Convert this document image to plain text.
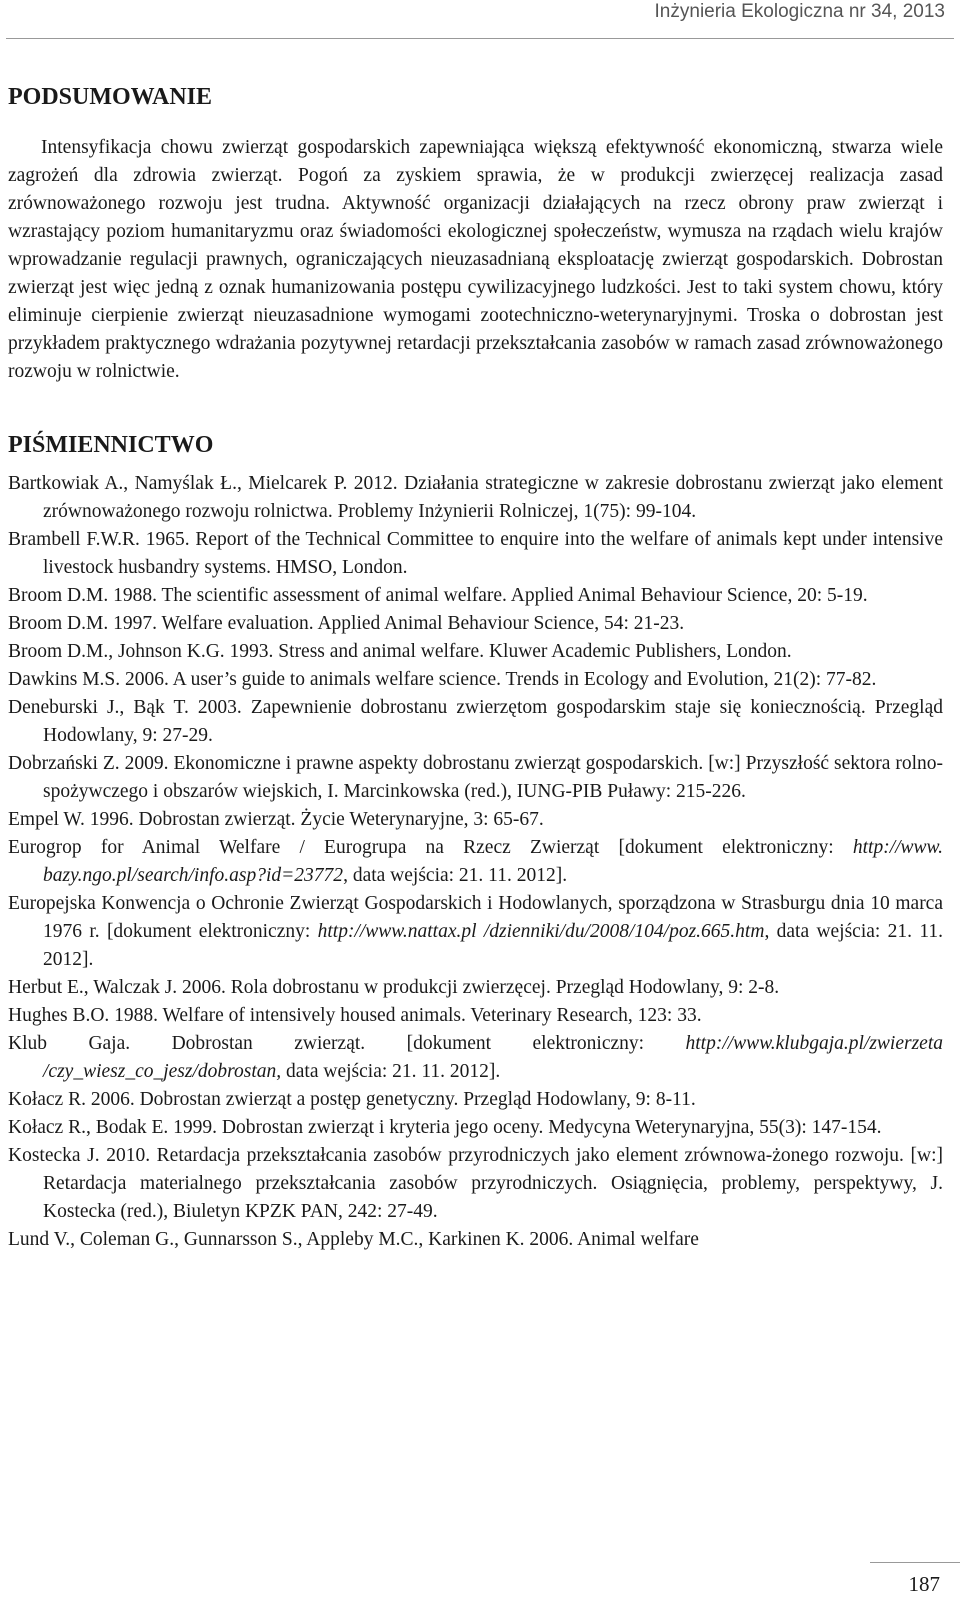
Inżynieria Ekologiczna nr 34, 2013
PODSUMOWANIE

Intensyfikacja chowu zwierząt gospodarskich zapewniająca większą efektywność ekonomiczną, stwarza wiele zagrożeń dla zdrowia zwierząt. Pogoń za zyskiem sprawia, że w produkcji zwierzęcej realizacja zasad zrównoważonego rozwoju jest trudna. Aktywność organizacji działających na rzecz obrony praw zwierząt i wzrastający poziom humanitaryzmu oraz świadomości ekologicznej społeczeństw, wymusza na rządach wielu krajów wprowadzanie regulacji prawnych, ograniczających nieuzasadnianą eksploatację zwierząt gospodarskich. Dobrostan zwierząt jest więc jedną z oznak humanizowania postępu cywilizacyjnego ludzkości. Jest to taki system chowu, który eliminuje cierpienie zwierząt nieuzasadnione wymogami zootechniczno-weterynaryjnymi. Troska o dobrostan jest przykładem praktycznego wdrażania pozytywnej retardacji przekształcania zasobów w ramach zasad zrównoważonego rozwoju w rolnictwie.

PIŚMIENNICTWO
Bartkowiak A., Namyślak Ł., Mielcarek P. 2012. Działania strategiczne w zakresie dobrostanu zwierząt jako element zrównoważonego rozwoju rolnictwa. Problemy Inżynierii Rolniczej, 1(75): 99-104.
Brambell F.W.R. 1965. Report of the Technical Committee to enquire into the welfare of animals kept under intensive livestock husbandry systems. HMSO, London.
Broom D.M. 1988. The scientific assessment of animal welfare. Applied Animal Behaviour Science, 20: 5-19.
Broom D.M. 1997. Welfare evaluation. Applied Animal Behaviour Science, 54: 21-23.
Broom D.M., Johnson K.G. 1993. Stress and animal welfare. Kluwer Academic Publishers, London.
Dawkins M.S. 2006. A user’s guide to animals welfare science. Trends in Ecology and Evolution, 21(2): 77-82.
Deneburski J., Bąk T. 2003. Zapewnienie dobrostanu zwierzętom gospodarskim staje się koniecznością. Przegląd Hodowlany, 9: 27-29.
Dobrzański Z. 2009. Ekonomiczne i prawne aspekty dobrostanu zwierząt gospodarskich. [w:] Przyszłość sektora rolno-spożywczego i obszarów wiejskich, I. Marcinkowska (red.), IUNG-PIB Puławy: 215-226.
Empel W. 1996. Dobrostan zwierząt. Życie Weterynaryjne, 3: 65-67.
Eurogrop for Animal Welfare / Eurogrupa na Rzecz Zwierząt [dokument elektroniczny: http://www. bazy.ngo.pl/search/info.asp?id=23772, data wejścia: 21. 11. 2012].
Europejska Konwencja o Ochronie Zwierząt Gospodarskich i Hodowlanych, sporządzona w Strasburgu dnia 10 marca 1976 r. [dokument elektroniczny: http://www.nattax.pl /dzienniki/du/2008/104/poz.665.htm, data wejścia: 21. 11. 2012].
Herbut E., Walczak J. 2006. Rola dobrostanu w produkcji zwierzęcej. Przegląd Hodowlany, 9: 2-8.
Hughes B.O. 1988. Welfare of intensively housed animals. Veterinary Research, 123: 33.
Klub Gaja. Dobrostan zwierząt. [dokument elektroniczny: http://www.klubgaja.pl/zwierzeta /czy_wiesz_co_jesz/dobrostan, data wejścia: 21. 11. 2012].
Kołacz R. 2006. Dobrostan zwierząt a postęp genetyczny. Przegląd Hodowlany, 9: 8-11.
Kołacz R., Bodak E. 1999. Dobrostan zwierząt i kryteria jego oceny. Medycyna Weterynaryjna, 55(3): 147-154.
Kostecka J. 2010. Retardacja przekształcania zasobów przyrodniczych jako element zrównowa-żonego rozwoju. [w:] Retardacja materialnego przekształcania zasobów przyrodniczych. Osiągnięcia, problemy, perspektywy, J. Kostecka (red.), Biuletyn KPZK PAN, 242: 27-49.
Lund V., Coleman G., Gunnarsson S., Appleby M.C., Karkinen K. 2006. Animal welfare
187
